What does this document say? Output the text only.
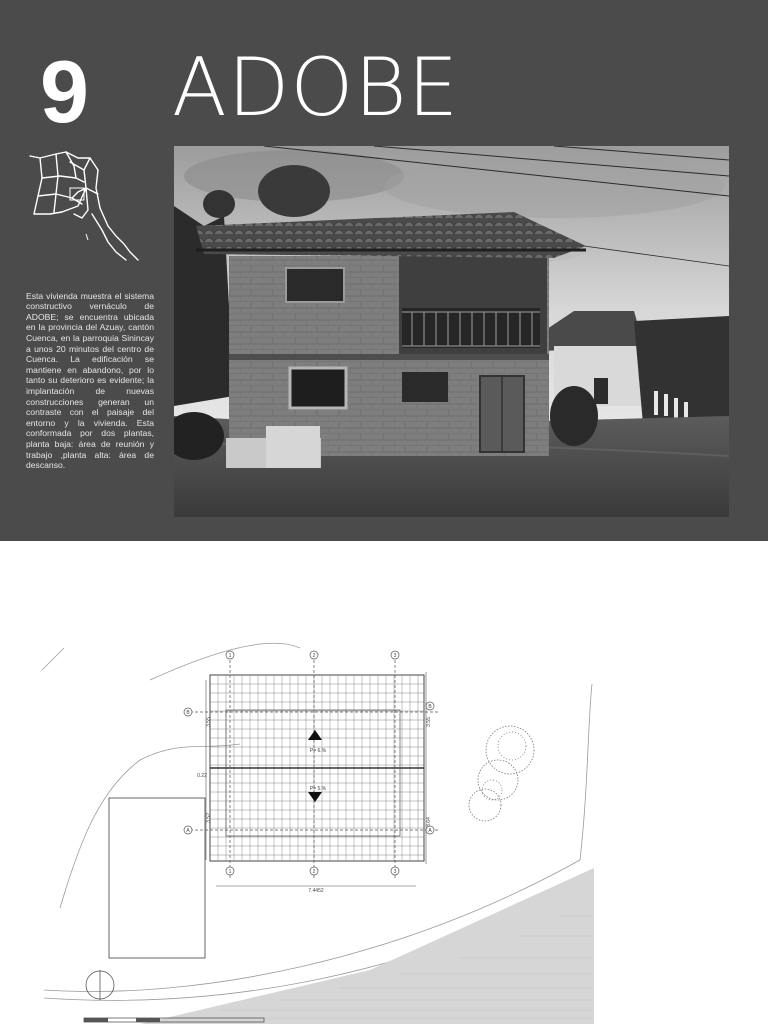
9 ADOBE

Esta vivienda muestra el sistema constructivo vernáculo de ADOBE; se encuentra ubicada en la provincia del Azuay, cantón Cuenca, en la parroquia Sinincay a unos 20 minutos del centro de Cuenca. La edificación se mantiene en abandono, por lo tanto su deterioro es evidente; la implantación de nuevas construcciones generan un contraste con el paisaje del entorno y la vivienda. Esta conformada por dos plantas, planta baja: área de reunión y trabajo ,planta alta: área de descanso.

1	2	3
1	2	3
B
A
B
A
7.4452
0.22
P= 6.%
P= 5.%
3.55
3.52
3.55
3.64
